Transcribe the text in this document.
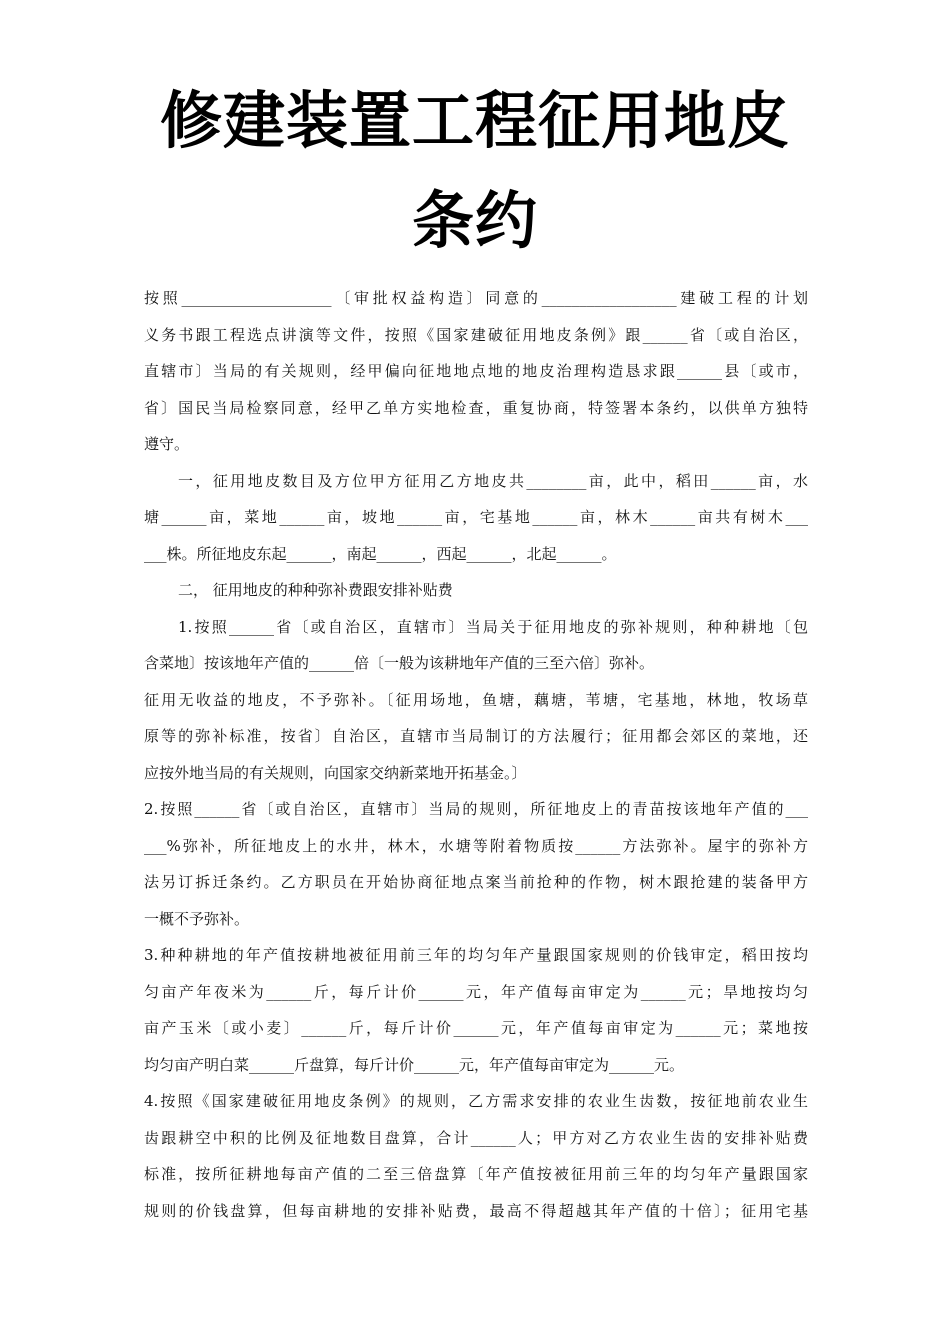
修建装置工程征用地皮
条约
按照____________________〔审批权益构造〕同意的__________________建破工程的计划
义务书跟工程选点讲演等文件，按照《国家建破征用地皮条例》跟______省〔或自治区，
直辖市〕当局的有关规则，经甲偏向征地地点地的地皮治理构造恳求跟______县〔或市，
省〕国民当局检察同意，经甲乙单方实地检查，重复协商，特签署本条约，以供单方独特
遵守。
一，征用地皮数目及方位甲方征用乙方地皮共________亩，此中，稻田______亩，水
塘______亩，菜地______亩，坡地______亩，宅基地______亩，林木______亩共有树木___
___株。所征地皮东起______，南起______，西起______，北起______。
二， 征用地皮的种种弥补费跟安排补贴费
1.按照______省〔或自治区，直辖市〕当局关于征用地皮的弥补规则，种种耕地〔包
含菜地〕按该地年产值的______倍〔一般为该耕地年产值的三至六倍〕弥补。
征用无收益的地皮，不予弥补。〔征用场地，鱼塘，藕塘，苇塘，宅基地，林地，牧场草
原等的弥补标准，按省〕自治区，直辖市当局制订的方法履行；征用都会郊区的菜地，还
应按外地当局的有关规则，向国家交纳新菜地开拓基金。〕
2.按照______省〔或自治区，直辖市〕当局的规则，所征地皮上的青苗按该地年产值的___
___%弥补，所征地皮上的水井，林木，水塘等附着物质按______方法弥补。屋宇的弥补方
法另订拆迁条约。乙方职员在开始协商征地点案当前抢种的作物，树木跟抢建的装备甲方
一概不予弥补。
3.种种耕地的年产值按耕地被征用前三年的均匀年产量跟国家规则的价钱审定，稻田按均
匀亩产年夜米为______斤，每斤计价______元，年产值每亩审定为______元；旱地按均匀
亩产玉米〔或小麦〕______斤，每斤计价______元，年产值每亩审定为______元；菜地按
均匀亩产明白菜______斤盘算，每斤计价______元，年产值每亩审定为______元。
4.按照《国家建破征用地皮条例》的规则，乙方需求安排的农业生齿数，按征地前农业生
齿跟耕空中积的比例及征地数目盘算，合计______人；甲方对乙方农业生齿的安排补贴费
标准，按所征耕地每亩产值的二至三倍盘算〔年产值按被征用前三年的均匀年产量跟国家
规则的价钱盘算，但每亩耕地的安排补贴费，最高不得超越其年产值的十倍〕；征用宅基
